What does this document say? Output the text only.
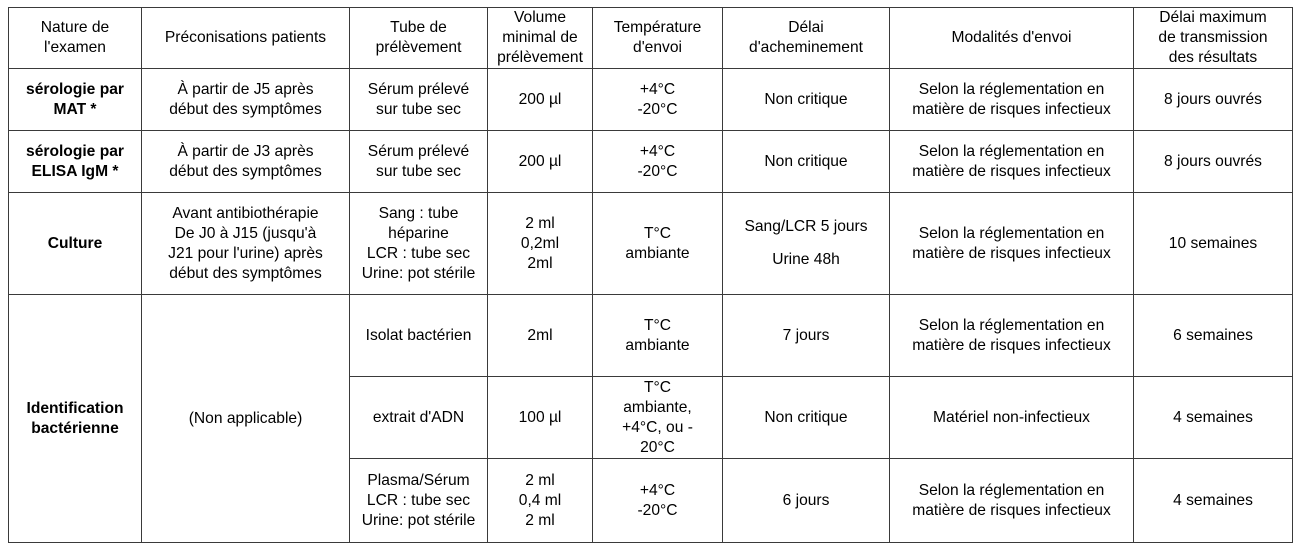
Nature de
l'examen	Préconisations patients	Tube de
prélèvement	Volume
minimal de
prélèvement	Température
d'envoi	Délai
d'acheminement	Modalités d'envoi	Délai maximum
de transmission
des résultats
sérologie par
MAT *	À partir de J5 après
début des symptômes	Sérum prélevé
sur tube sec	200 µl	+4°C
-20°C	Non critique	Selon la réglementation en
matière de risques infectieux	8 jours ouvrés
sérologie par
ELISA IgM *	À partir de J3 après
début des symptômes	Sérum prélevé
sur tube sec	200 µl	+4°C
-20°C	Non critique	Selon la réglementation en
matière de risques infectieux	8 jours ouvrés
Culture	Avant antibiothérapie
De J0 à J15 (jusqu'à
J21 pour l'urine) après
début des symptômes	Sang : tube
héparine
LCR : tube sec
Urine: pot stérile	2 ml
0,2ml
2ml	T°C
ambiante	Sang/LCR 5 jours
Urine 48h	Selon la réglementation en
matière de risques infectieux	10 semaines
Identification
bactérienne	(Non applicable)	Isolat bactérien	2ml	T°C
ambiante	7 jours	Selon la réglementation en
matière de risques infectieux	6 semaines
		extrait d'ADN	100 µl	T°C
ambiante,
+4°C, ou -
20°C	Non critique	Matériel non-infectieux	4 semaines
		Plasma/Sérum
LCR : tube sec
Urine: pot stérile	2 ml
0,4 ml
2 ml	+4°C
-20°C	6 jours	Selon la réglementation en
matière de risques infectieux	4 semaines
